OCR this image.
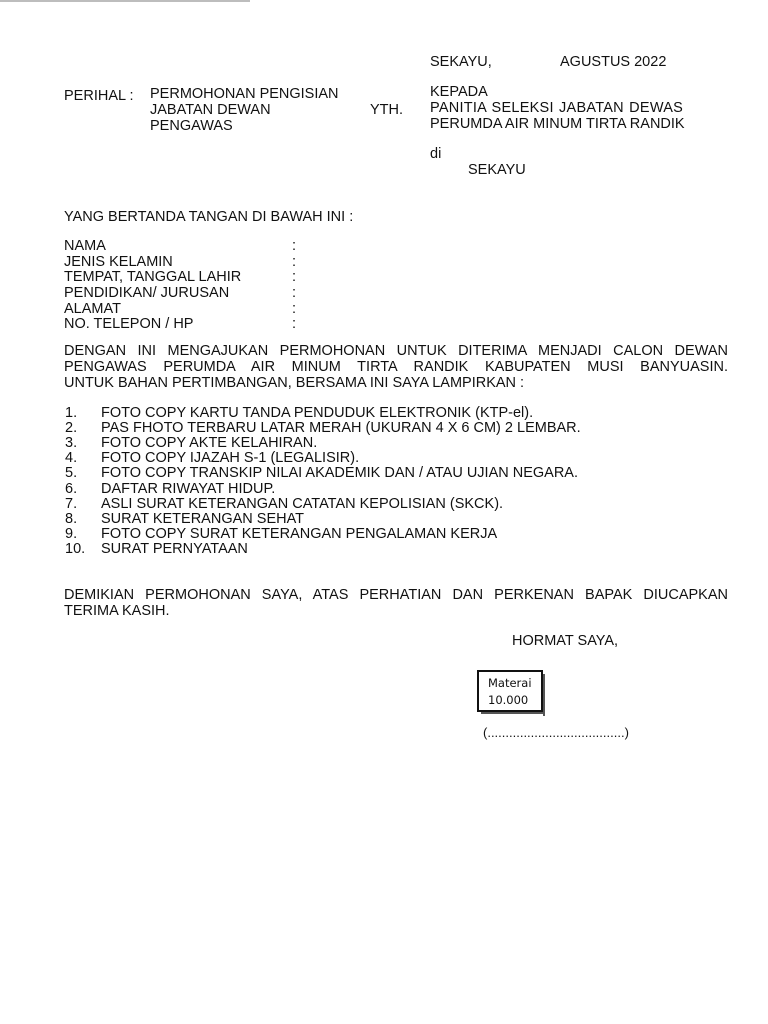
SEKAYU,	AGUSTUS 2022
PERIHAL : PERMOHONAN PENGISIAN
JABATAN DEWAN
PENGAWAS
YTH.
KEPADA
PANITIA SELEKSI JABATAN DEWAS
PERUMDA AIR MINUM TIRTA RANDIK
di
SEKAYU
YANG BERTANDA TANGAN DI BAWAH INI :
NAMA	:
JENIS KELAMIN	:
TEMPAT, TANGGAL LAHIR	:
PENDIDIKAN/ JURUSAN	:
ALAMAT	:
NO. TELEPON / HP	:
DENGAN INI MENGAJUKAN PERMOHONAN UNTUK DITERIMA MENJADI CALON DEWAN
PENGAWAS PERUMDA AIR MINUM TIRTA RANDIK KABUPATEN MUSI BANYUASIN.
UNTUK BAHAN PERTIMBANGAN, BERSAMA INI SAYA LAMPIRKAN :
1. FOTO COPY KARTU TANDA PENDUDUK ELEKTRONIK (KTP-el).
2. PAS FHOTO TERBARU LATAR MERAH (UKURAN 4 X 6 CM) 2 LEMBAR.
3. FOTO COPY AKTE KELAHIRAN.
4. FOTO COPY IJAZAH S-1 (LEGALISIR).
5. FOTO COPY TRANSKIP NILAI AKADEMIK DAN / ATAU UJIAN NEGARA.
6. DAFTAR RIWAYAT HIDUP.
7. ASLI SURAT KETERANGAN CATATAN KEPOLISIAN (SKCK).
8. SURAT KETERANGAN SEHAT
9. FOTO COPY SURAT KETERANGAN PENGALAMAN KERJA
10. SURAT PERNYATAAN
DEMIKIAN PERMOHONAN SAYA, ATAS PERHATIAN DAN PERKENAN BAPAK DIUCAPKAN
TERIMA KASIH.
HORMAT SAYA,
Materai
10.000
(......................................)
